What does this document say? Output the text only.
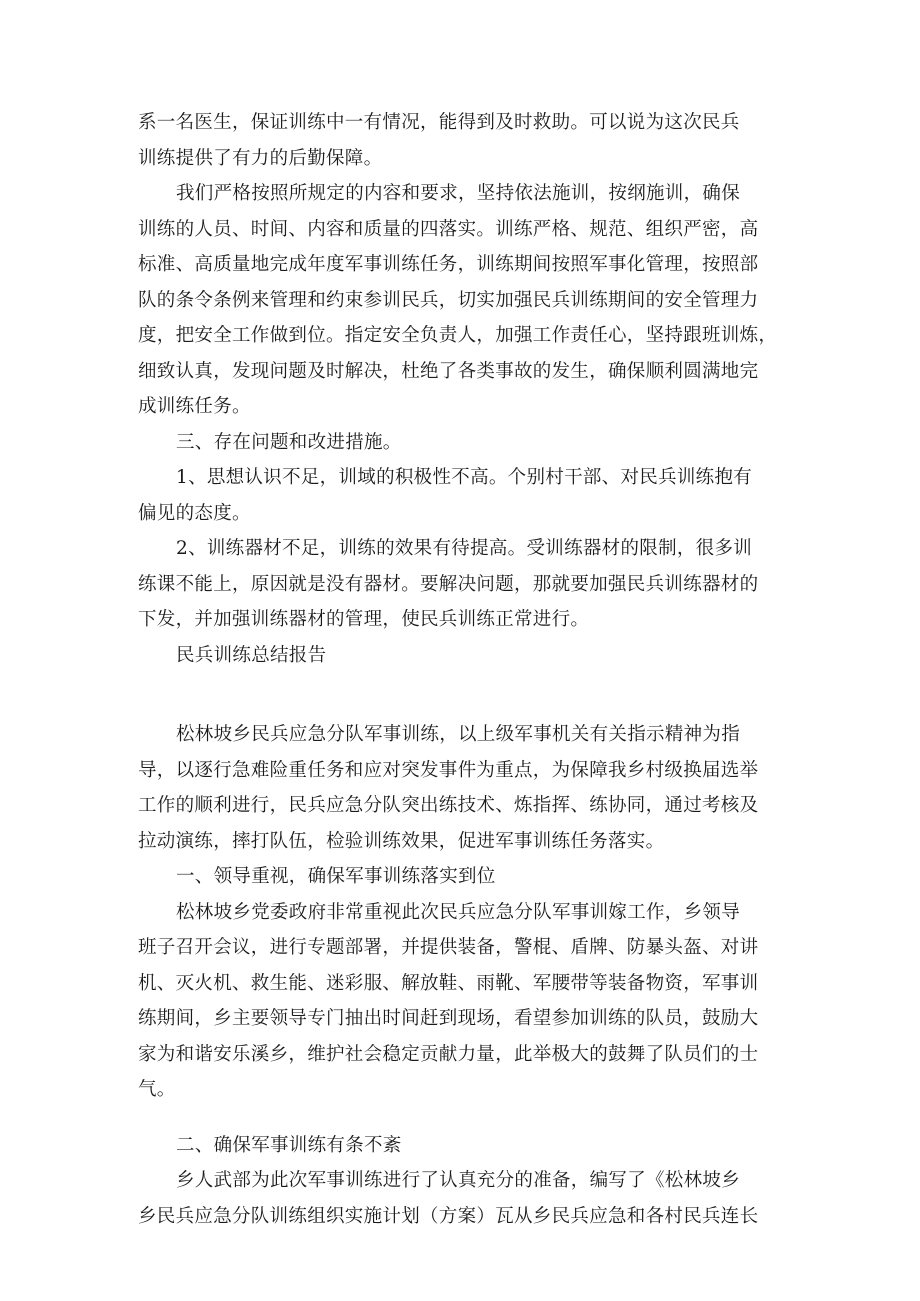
系一名医生，保证训练中一有情况，能得到及时救助。可以说为这次民兵
训练提供了有力的后勤保障。
我们严格按照所规定的内容和要求，坚持依法施训，按纲施训，确保
训练的人员、时间、内容和质量的四落实。训练严格、规范、组织严密，高
标准、高质量地完成年度军事训练任务，训练期间按照军事化管理，按照部
队的条令条例来管理和约束参训民兵，切实加强民兵训练期间的安全管理力
度，把安全工作做到位。指定安全负责人，加强工作责任心，坚持跟班训炼，
细致认真，发现问题及时解决，杜绝了各类事故的发生，确保顺利圆满地完
成训练任务。
三、存在问题和改进措施。
1、思想认识不足，训域的积极性不高。个别村干部、对民兵训练抱有
偏见的态度。
2、训练器材不足，训练的效果有待提高。受训练器材的限制，很多训
练课不能上，原因就是没有器材。要解决问题，那就要加强民兵训练器材的
下发，并加强训练器材的管理，使民兵训练正常进行。
民兵训练总结报告
松林坡乡民兵应急分队军事训练，以上级军事机关有关指示精神为指
导，以逐行急难险重任务和应对突发事件为重点，为保障我乡村级换届选举
工作的顺利进行，民兵应急分队突出练技术、炼指挥、练协同，通过考核及
拉动演练，摔打队伍，检验训练效果，促进军事训练任务落实。
一、领导重视，确保军事训练落实到位
松林坡乡党委政府非常重视此次民兵应急分队军事训嫁工作，乡领导
班子召开会议，进行专题部署，并提供装备，警棍、盾牌、防暴头盔、对讲
机、灭火机、救生能、迷彩服、解放鞋、雨靴、军腰带等装备物资，军事训
练期间，乡主要领导专门抽出时间赶到现场，看望参加训练的队员，鼓励大
家为和谐安乐溪乡，维护社会稳定贡献力量，此举极大的鼓舞了队员们的士
气。
二、确保军事训练有条不紊
乡人武部为此次军事训练进行了认真充分的准备，编写了《松林坡乡
乡民兵应急分队训练组织实施计划（方案）瓦从乡民兵应急和各村民兵连长
